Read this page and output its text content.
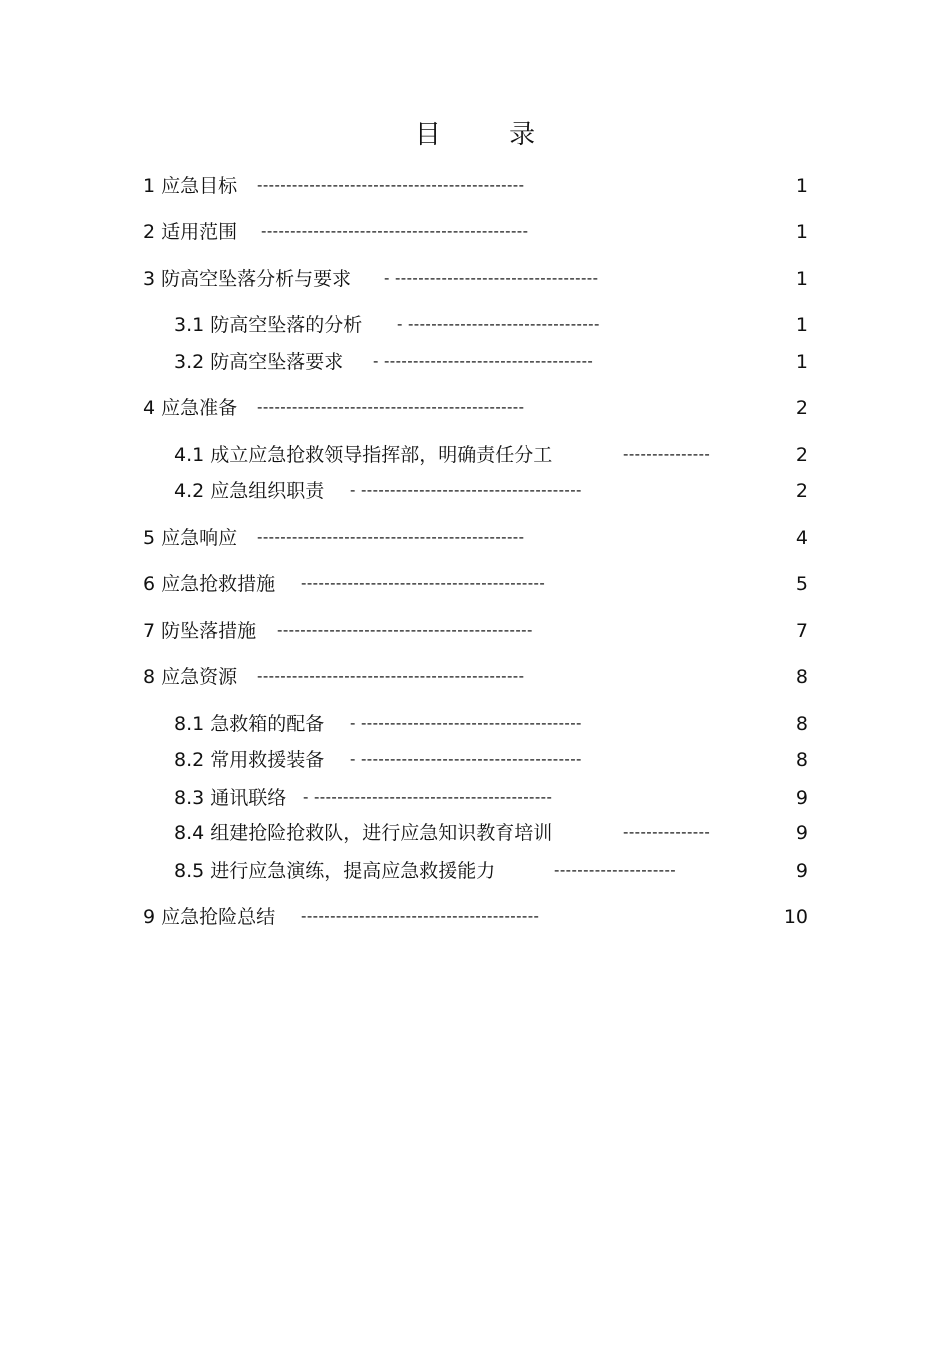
目 录
1 应急目标 ----------------------------------------------	1
2 适用范围 ----------------------------------------------	1
3 防高空坠落分析与要求 - -----------------------------------	1
3.1 防高空坠落的分析 - ---------------------------------	1
3.2 防高空坠落要求 - ------------------------------------	1
4 应急准备 ----------------------------------------------	2
4.1 成立应急抢救领导指挥部，明确责任分工	---------------	2
4.2 应急组织职责 - --------------------------------------	2
5 应急响应 ----------------------------------------------	4
6 应急抢救措施 ------------------------------------------	5
7 防坠落措施 --------------------------------------------	7
8 应急资源 ----------------------------------------------	8
8.1 急救箱的配备 - --------------------------------------	8
8.2 常用救援装备 - --------------------------------------	8
8.3 通讯联络 - -----------------------------------------	9
8.4 组建抢险抢救队，进行应急知识教育培训	---------------	9
8.5 进行应急演练，提高应急救援能力	---------------------	9
9 应急抢险总结 -----------------------------------------	10
